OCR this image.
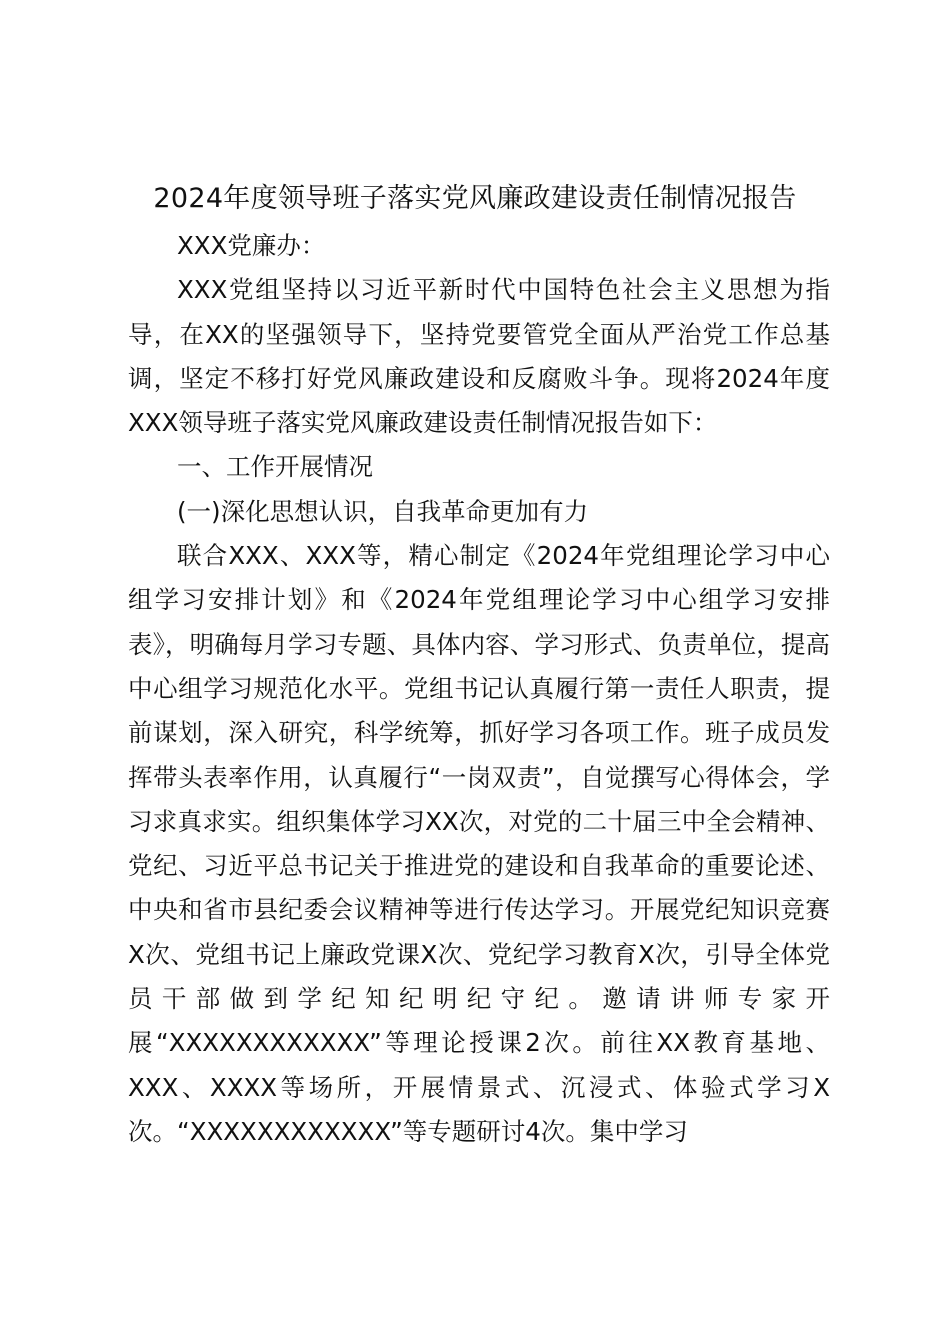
2024年度领导班子落实党风廉政建设责任制情况报告

XXX党廉办：

XXX党组坚持以习近平新时代中国特色社会主义思想为指导，在XX的坚强领导下，坚持党要管党全面从严治党工作总基调，坚定不移打好党风廉政建设和反腐败斗争。现将2024年度XXX领导班子落实党风廉政建设责任制情况报告如下：

一、工作开展情况

(一)深化思想认识，自我革命更加有力

联合XXX、XXX等，精心制定《2024年党组理论学习中心组学习安排计划》和《2024年党组理论学习中心组学习安排表》，明确每月学习专题、具体内容、学习形式、负责单位，提高中心组学习规范化水平。党组书记认真履行第一责任人职责，提前谋划，深入研究，科学统筹，抓好学习各项工作。班子成员发挥带头表率作用，认真履行“一岗双责”，自觉撰写心得体会，学习求真求实。组织集体学习XX次，对党的二十届三中全会精神、党纪、习近平总书记关于推进党的建设和自我革命的重要论述、中央和省市县纪委会议精神等进行传达学习。开展党纪知识竞赛X次、党组书记上廉政党课X次、党纪学习教育X次，引导全体党员干部做到学纪知纪明纪守纪。邀请讲师专家开展“XXXXXXXXXXXX”等理论授课2次。前往XX教育基地、XXX、XXXX等场所，开展情景式、沉浸式、体验式学习X次。“XXXXXXXXXXXX”等专题研讨4次。集中学习
